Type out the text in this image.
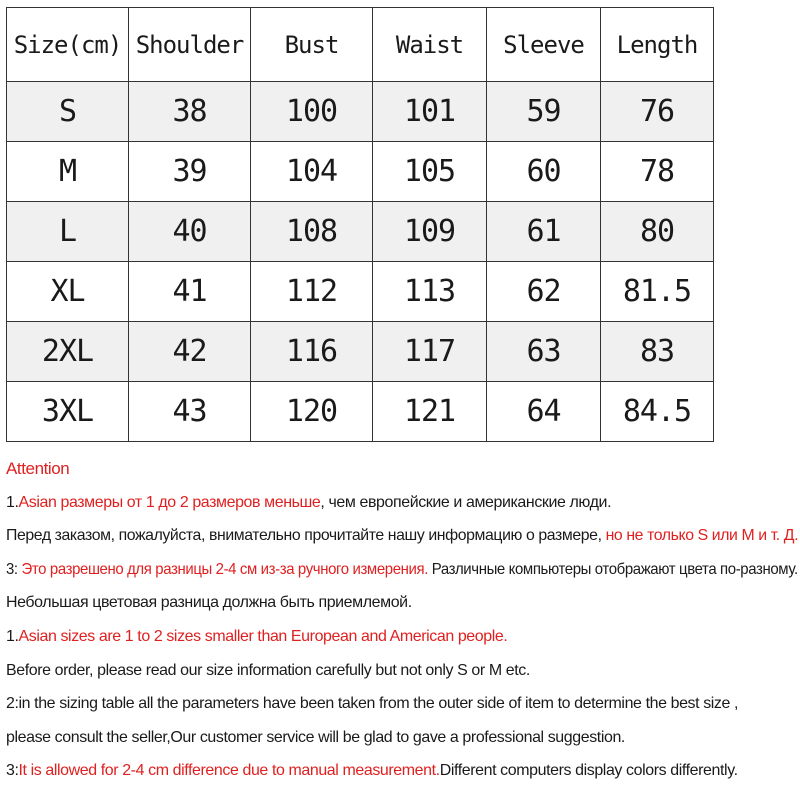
Size(cm)	Shoulder	Bust	Waist	Sleeve	Length
S	38	100	101	59	76
M	39	104	105	60	78
L	40	108	109	61	80
XL	41	112	113	62	81.5
2XL	42	116	117	63	83
3XL	43	120	121	64	84.5
Attention
1.Asian размеры от 1 до 2 размеров меньше, чем европейские и американские люди.
Перед заказом, пожалуйста, внимательно прочитайте нашу информацию о размере, но не только S или M и т. Д.
3: Это разрешено для разницы 2-4 см из-за ручного измерения. Различные компьютеры отображают цвета по-разному.
Небольшая цветовая разница должна быть приемлемой.
1.Asian sizes are 1 to 2 sizes smaller than European and American people.
Before order, please read our size information carefully but not only S or M etc.
2:in the sizing table all the parameters have been taken from the outer side of item to determine the best size ,
please consult the seller,Our customer service will be glad to gave a professional suggestion.
3:It is allowed for 2-4 cm difference due to manual measurement.Different computers display colors differently.
